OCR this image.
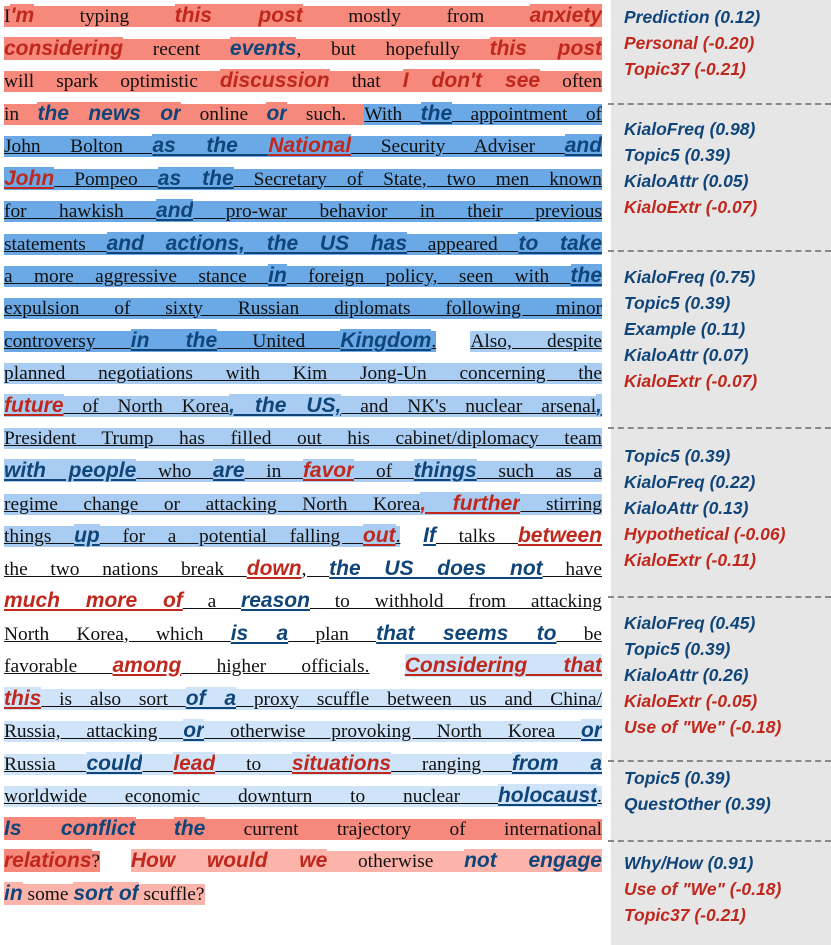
I'm typing this post mostly from anxiety
considering recent events, but hopefully this post
will spark optimistic discussion that I don't see often
in the news or online or such. With the appointment of
John Bolton as the National Security Adviser and
John Pompeo as the Secretary of State, two men known
for hawkish and pro-war behavior in their previous
statements and actions, the US has appeared to take
a more aggressive stance in foreign policy, seen with the
expulsion of sixty Russian diplomats following minor
controversy in the United Kingdom. Also, despite
planned negotiations with Kim Jong-Un concerning the
future of North Korea, the US, and NK's nuclear arsenal,
President Trump has filled out his cabinet/diplomacy team
with people who are in favor of things such as a
regime change or attacking North Korea, further stirring
things up for a potential falling out. If talks between
the two nations break down, the US does not have
much more of a reason to withhold from attacking
North Korea, which is a plan that seems to be
favorable among higher officials. Considering that
this is also sort of a proxy scuffle between us and China/
Russia, attacking or otherwise provoking North Korea or
Russia could lead to situations ranging from a
worldwide economic downturn to nuclear holocaust.
Is conflict the current trajectory of international
relations? How would we otherwise not engage
in some sort of scuffle?
Prediction (0.12)
Personal (-0.20)
Topic37 (-0.21)
KialoFreq (0.98)
Topic5 (0.39)
KialoAttr (0.05)
KialoExtr (-0.07)
KialoFreq (0.75)
Topic5 (0.39)
Example (0.11)
KialoAttr (0.07)
KialoExtr (-0.07)
Topic5 (0.39)
KialoFreq (0.22)
KialoAttr (0.13)
Hypothetical (-0.06)
KialoExtr (-0.11)
KialoFreq (0.45)
Topic5 (0.39)
KialoAttr (0.26)
KialoExtr (-0.05)
Use of "We" (-0.18)
Topic5 (0.39)
QuestOther (0.39)
Why/How (0.91)
Use of "We" (-0.18)
Topic37 (-0.21)
